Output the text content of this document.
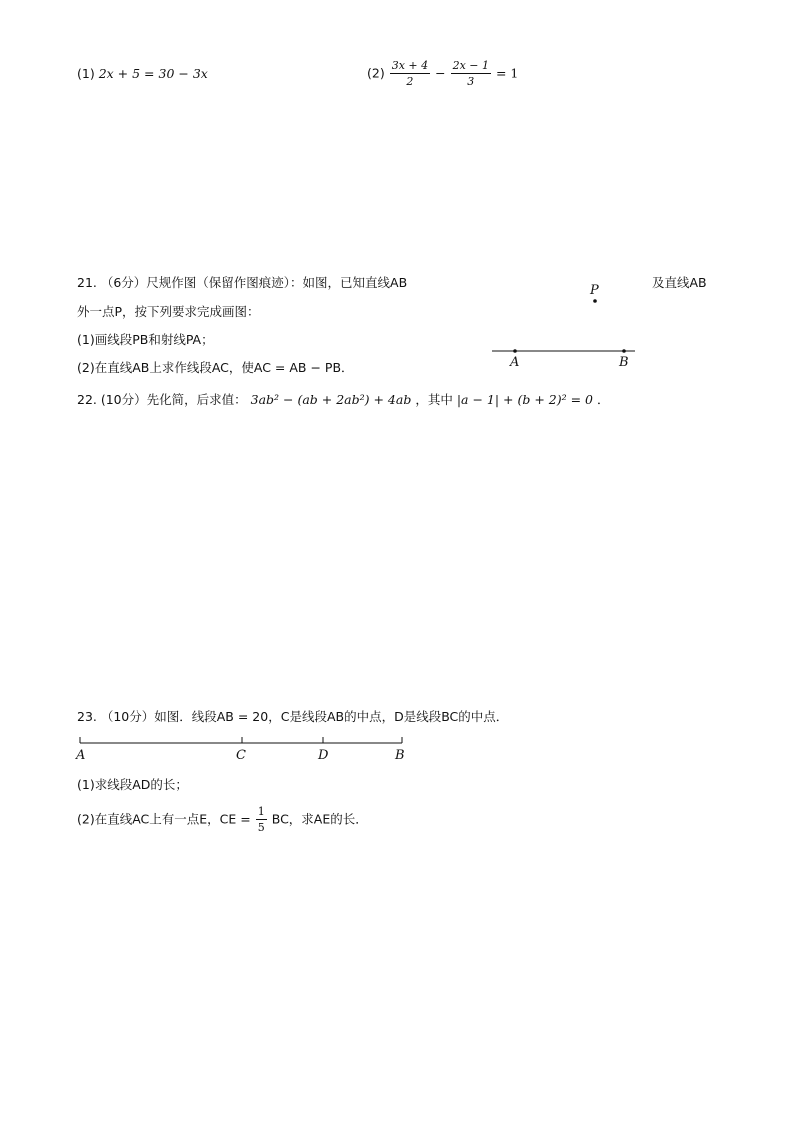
(1) 2x + 5 = 30 − 3x	$(2) \frac{3x + 4}{2} - \frac{2x - 1}{3} = 1$
21. （6分）尺规作图（保留作图痕迹）：如图，已知直线AB	及直线AB
外一点P，按下列要求完成画图：
(1)画线段PB和射线PA；
(2)在直线AB上求作线段AC，使AC = AB − PB．
P
A	B
22. (10分）先化简，后求值： 3ab² − (ab + 2ab²) + 4ab ，其中 |a − 1| + (b + 2)² = 0 ．
23. （10分）如图．线段AB = 20，C是线段AB的中点，D是线段BC的中点．
A	C	D	B
(1)求线段AD的长；
(2)在直线AC上有一点E，CE = $\frac{1}{5}$ BC，求AE的长．
